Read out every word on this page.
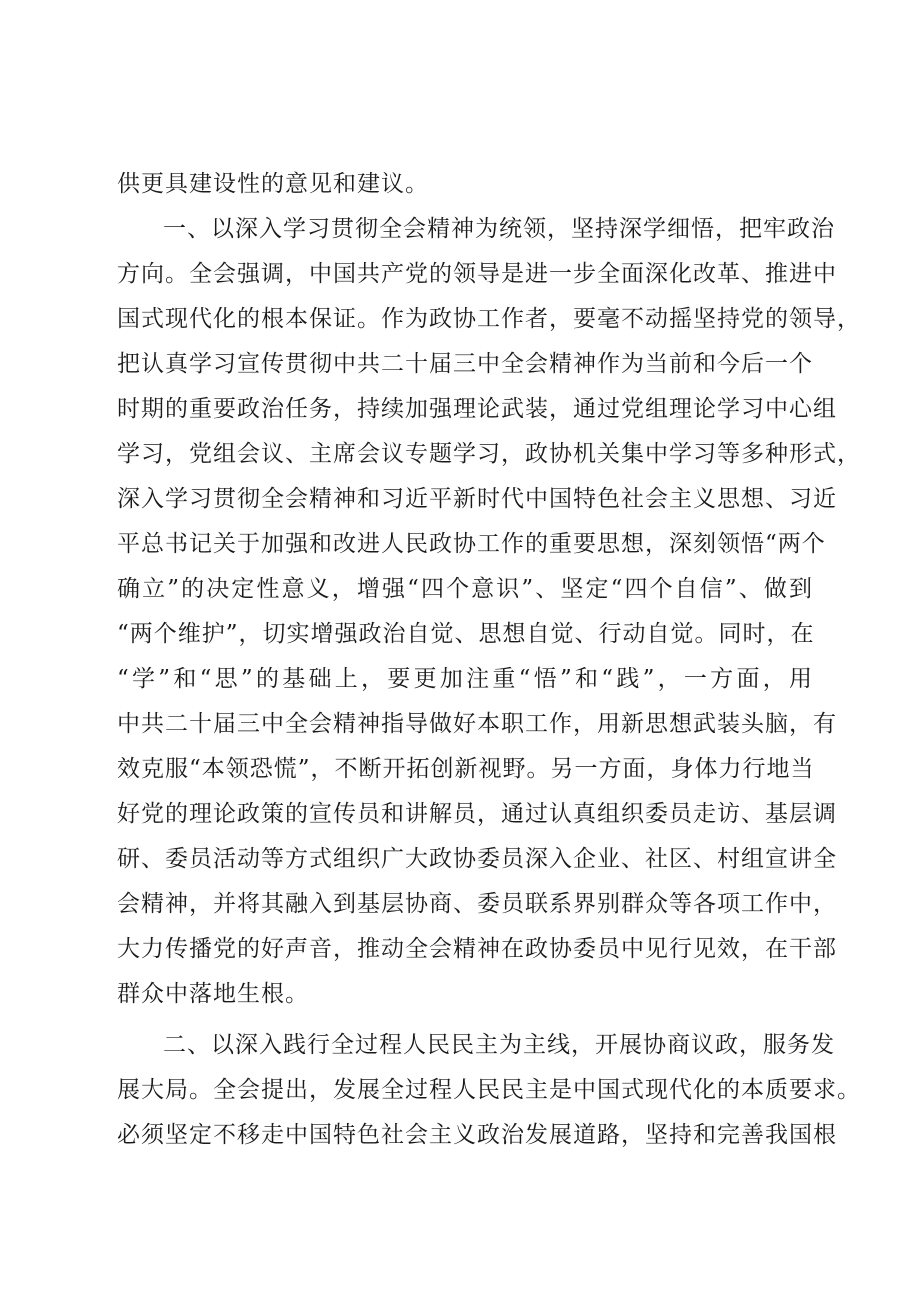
供更具建设性的意见和建议。
一、以深入学习贯彻全会精神为统领，坚持深学细悟，把牢政治
方向。全会强调，中国共产党的领导是进一步全面深化改革、推进中
国式现代化的根本保证。作为政协工作者，要毫不动摇坚持党的领导，
把认真学习宣传贯彻中共二十届三中全会精神作为当前和今后一个
时期的重要政治任务，持续加强理论武装，通过党组理论学习中心组
学习，党组会议、主席会议专题学习，政协机关集中学习等多种形式，
深入学习贯彻全会精神和习近平新时代中国特色社会主义思想、习近
平总书记关于加强和改进人民政协工作的重要思想，深刻领悟“两个
确立”的决定性意义，增强“四个意识”、坚定“四个自信”、做到
“两个维护”，切实增强政治自觉、思想自觉、行动自觉。同时，在
“学”和“思”的基础上，要更加注重“悟”和“践”，一方面，用
中共二十届三中全会精神指导做好本职工作，用新思想武装头脑，有
效克服“本领恐慌”，不断开拓创新视野。另一方面，身体力行地当
好党的理论政策的宣传员和讲解员，通过认真组织委员走访、基层调
研、委员活动等方式组织广大政协委员深入企业、社区、村组宣讲全
会精神，并将其融入到基层协商、委员联系界别群众等各项工作中，
大力传播党的好声音，推动全会精神在政协委员中见行见效，在干部
群众中落地生根。
二、以深入践行全过程人民民主为主线，开展协商议政，服务发
展大局。全会提出，发展全过程人民民主是中国式现代化的本质要求。
必须坚定不移走中国特色社会主义政治发展道路，坚持和完善我国根
